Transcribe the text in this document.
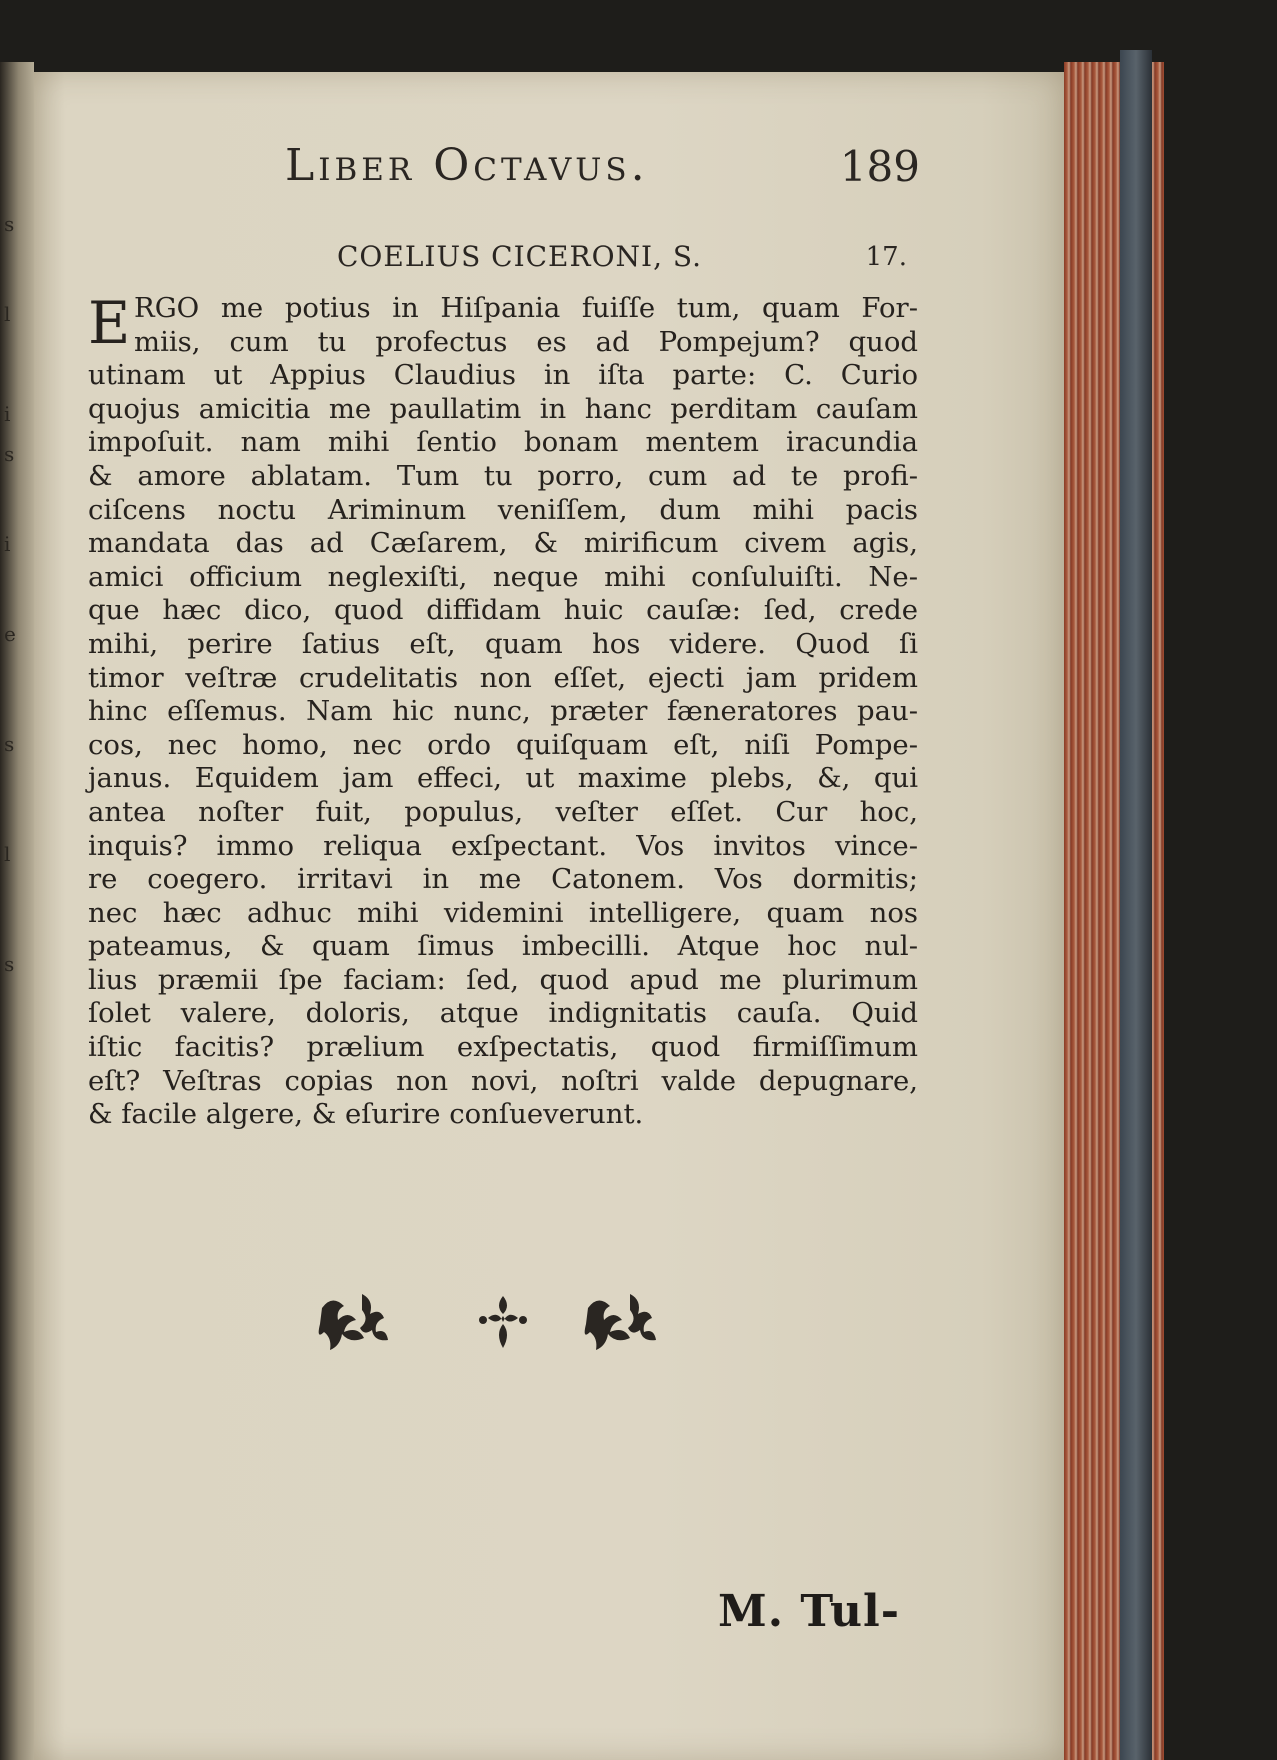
s
l
i
s
i
e
s
l
s
Liber Octavus.	189
COELIUS CICERONI, S.	17.
E RGO me potius in Hiſpania fuiſſe tum, quam For-
miis, cum tu profectus es ad Pompejum? quod
utinam ut Appius Claudius in iſta parte: C. Curio
quojus amicitia me paullatim in hanc perditam cauſam
impoſuit. nam mihi ſentio bonam mentem iracundia
& amore ablatam. Tum tu porro, cum ad te profi-
ciſcens noctu Ariminum veniſſem, dum mihi pacis
mandata das ad Cæſarem, & mirificum civem agis,
amici officium neglexiſti, neque mihi conſuluiſti. Ne-
que hæc dico, quod diffidam huic cauſæ: ſed, crede
mihi, perire ſatius eſt, quam hos videre. Quod ſi
timor veſtræ crudelitatis non eſſet, ejecti jam pridem
hinc eſſemus. Nam hic nunc, præter fæneratores pau-
cos, nec homo, nec ordo quiſquam eſt, niſi Pompe-
janus. Equidem jam effeci, ut maxime plebs, &, qui
antea noſter fuit, populus, veſter eſſet. Cur hoc,
inquis? immo reliqua exſpectant. Vos invitos vince-
re coegero. irritavi in me Catonem. Vos dormitis;
nec hæc adhuc mihi videmini intelligere, quam nos
pateamus, & quam ſimus imbecilli. Atque hoc nul-
lius præmii ſpe faciam: ſed, quod apud me plurimum
ſolet valere, doloris, atque indignitatis cauſa. Quid
iſtic facitis? prælium exſpectatis, quod firmiſſimum
eſt? Veſtras copias non novi, noſtri valde depugnare,
& facile algere, & eſurire conſueverunt.
M. Tul-
